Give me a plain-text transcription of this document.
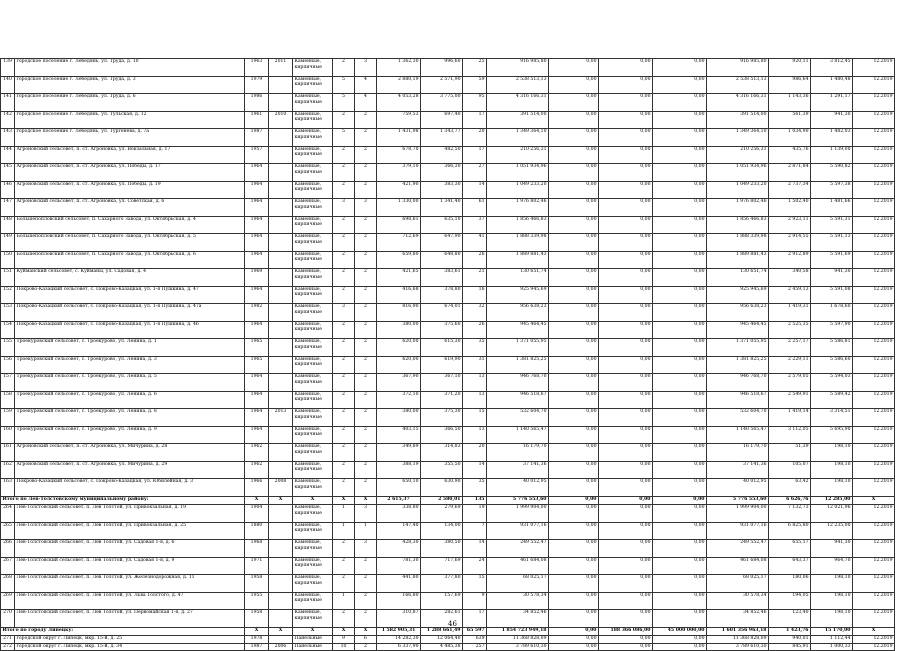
139	городское поселение г. Лебедянь, ул. Труда, д. 10	1963	2011	Каменные, кирпичные	2	3	1 362,30	996,60	25	916 985,80	0,00	0,00	0,00	916 985,80	920,11	3 812,45	12.2019
140	городское поселение г. Лебедянь, ул. Труда, д. 3	1979		Каменные, кирпичные	5	4	2 880,19	2 571,90	59	2 538 513,13	0,00	0,00	0,00	2 538 513,13	986,64	1 480,48	12.2019
141	городское поселение г. Лебедянь, ул. Труда, д. 6	1986		Каменные, кирпичные	5	4	4 053,28	3 775,00	95	4 316 166,31	0,00	0,00	0,00	4 316 166,31	1 143,36	1 291,17	12.2019
142	городское поселение г. Лебедянь, ул. Тульская, д. 12	1961	2010	Каменные, кирпичные	2	2	759,53	697,40	17	391 514,00	0,00	0,00	0,00	391 514,00	561,39	941,30	12.2019
143	городское поселение г. Лебедянь, ул. Тургенева, д. 7а	1987		Каменные, кирпичные	5	2	1 431,98	1 343,77	20	1 349 364,10	0,00	0,00	0,00	1 349 364,10	1 034,90	1 482,03	12.2019
144	Агроновский сельсовет, п. ст. Агроновка, ул. Вокзальная, д. 17	1957		Каменные, кирпичные	2	2	678,70	482,50	17	210 256,31	0,00	0,00	0,00	210 256,31	435,76	1 139,00	12.2019
145	Агроновский сельсовет, п. ст. Агроновка, ул. Победы, д. 17	1964		Каменные, кирпичные	2	2	379,10	366,30	27	1 051 934,96	0,00	0,00	0,00	1 051 934,96	2 871,84	5 590,82	12.2019
146	Агроновский сельсовет, п. ст. Агроновка, ул. Победы, д. 19	1964		Каменные, кирпичные	2	2	421,90	383,30	14	1 049 233,20	0,00	0,00	0,00	1 049 233,20	2 737,34	5 597,38	12.2019
147	Агроновский сельсовет, п. ст. Агроновка, ул. Советская, д. 6	1964		Каменные, кирпичные	3	3	1 330,00	1 341,40	61	1 976 802,46	0,00	0,00	0,00	1 976 802,46	1 502,40	1 481,66	12.2019
148	Большепопловский сельсовет, п. Сахарного Завода, ул. Октябрьская, д. 4	1964		Каменные, кирпичные	2	2	698,61	635,10	37	1 856 466,83	0,00	0,00	0,00	1 856 466,83	2 923,11	5 591,31	12.2019
149	Большепопловский сельсовет, п. Сахарного Завода, ул. Октябрьская, д. 5	1964		Каменные, кирпичные	2	2	712,69	647,90	41	1 888 339,98	0,00	0,00	0,00	1 888 339,98	2 914,55	5 591,13	12.2019
150	Большепопловский сельсовет, п. Сахарного Завода, ул. Октябрьская, д. 6	1964		Каменные, кирпичные	2	2	659,80	648,80	26	1 889 881,43	0,00	0,00	0,00	1 889 881,43	2 912,89	5 591,69	12.2019
151	Куйманский сельсовет, с. Куйманы, ул. Садовая, д. 4	1969		Каменные, кирпичные	2	2	421,65	383,61	21	130 651,74	0,00	0,00	0,00	130 651,74	340,58	941,30	12.2019
152	Покрово-Казацкий сельсовет, с. Покрово-Казацкая, ул. 1-я Пушкина, д. 47	1964		Каменные, кирпичные	2	2	416,68	378,80	16	925 945,69	0,00	0,00	0,00	925 945,69	2 459,13	5 591,08	12.2019
153	Покрово-Казацкий сельсовет, с. Покрово-Казацкая, ул. 1-я Пушкина, д. 47а	1982		Каменные, кирпичные	3	2	816,90	674,01	32	956 638,23	0,00	0,00	0,00	956 638,23	1 419,31	1 678,60	12.2019
154	Покрово-Казацкий сельсовет, с. Покрово-Казацкая, ул. 1-я Пушкина, д. 46	1964		Каменные, кирпичные	2	2	380,00	375,60	26	945 464,45	0,00	0,00	0,00	945 464,45	2 525,35	5 597,90	12.2019
155	Троекуровский сельсовет, с. Троекурово, ул. Ленина, д. 1	1965		Каменные, кирпичные	2	2	620,00	615,30	35	1 371 055,95	0,00	0,00	0,00	1 371 055,95	2 257,17	5 586,81	12.2019
156	Троекуровский сельсовет, с. Троекурово, ул. Ленина, д. 3	1965		Каменные, кирпичные	2	2	620,00	619,90	31	1 381 825,25	0,00	0,00	0,00	1 381 825,25	2 229,11	5 586,60	12.2019
157	Троекуровский сельсовет, с. Троекурово, ул. Ленина, д. 5	1964		Каменные, кирпичные	2	2	367,90	367,10	13	946 768,70	0,00	0,00	0,00	946 768,70	2 579,05	5 594,03	12.2019
158	Троекуровский сельсовет, с. Троекурово, ул. Ленина, д. 6	1964		Каменные, кирпичные	2	2	372,10	371,20	13	946 518,67	0,00	0,00	0,00	946 518,67	2 549,91	5 589,42	12.2019
159	Троекуровский сельсовет, с. Троекурово, ул. Ленина, д. 8	1964	2013	Каменные, кирпичные	2	2	380,00	375,30	15	532 604,70	0,00	0,00	0,00	532 604,70	1 419,14	3 314,51	12.2019
160	Троекуровский сельсовет, с. Троекурово, ул. Ленина, д. 9	1964		Каменные, кирпичные	2	2	403,15	366,50	13	1 140 565,47	0,00	0,00	0,00	1 140 565,47	3 112,05	5 695,90	12.2019
161	Агроновский сельсовет, п. ст. Агроновка, ул. Мичурина, д. 28	1962		Каменные, кирпичные	2	2	349,89	314,83	20	16 179,70	0,00	0,00	0,00	16 179,70	51,39	198,10	12.2019
162	Агроновский сельсовет, п. ст. Агроновка, ул. Мичурина, д. 29	1962		Каменные, кирпичные	2	2	388,19	355,50	14	37 141,36	0,00	0,00	0,00	37 141,36	105,07	198,10	12.2019
163	Покрово-Казацкий сельсовет, с. Покрово-Казацкая, ул. Юбилейная, д. 3	1966	2008	Каменные, кирпичные	2	2	650,10	630,90	35	40 012,95	0,00	0,00	0,00	40 012,95	63,42	198,10	12.2019
Итого по Лев-Толстовскому муниципальному району:		X	X	X	X	X	2 615,37	2 580,01	135	5 776 553,60	0,00	0,00	0,00	5 776 553,60	6 626,76	12 285,00	X
264	Лев-Толстовский сельсовет, п. Лев Толстой, ул. Привокзальная, д. 19	1904		Каменные, кирпичные	1	3	338,80	279,69	19	1 999 904,00	0,00	0,00	0,00	1 999 904,00	7 132,73	12 021,96	12.2019
265	Лев-Толстовский сельсовет, п. Лев Толстой, ул. Привокзальная, д. 25	1880		Каменные, кирпичные	1	1	147,40	134,00	7	931 077,16	0,00	0,00	0,00	931 077,16	6 825,80	12 235,00	12.2019
266	Лев-Толстовский сельсовет, п. Лев Толстой, ул. Садовая 1-я, д. 6	1968		Каменные, кирпичные	2	3	428,30	380,50	14	249 552,47	0,00	0,00	0,00	249 552,47	655,17	941,30	12.2019
267	Лев-Толстовский сельсовет, п. Лев Толстой, ул. Садовая 1-я, д. 9	1971		Каменные, кирпичные	2	2	781,30	717,69	24	461 684,08	0,00	0,00	0,00	461 684,08	643,37	964,70	12.2019
268	Лев-Толстовский сельсовет, п. Лев Толстой, ул. Железнодорожная, д. 11	1958		Каменные, кирпичные	2	2	441,80	377,80	15	68 025,17	0,00	0,00	0,00	68 025,17	180,06	198,10	12.2019
269	Лев-Толстовский сельсовет, п. Лев Толстой, ул. Льва Толстого, д. 47	1955		Каменные, кирпичные	1	2	166,80	157,69	9	30 578,34	0,00	0,00	0,00	30 578,34	194,05	198,10	12.2019
270	Лев-Толстовский сельсовет, п. Лев Толстой, ул. Первомайская 1-я, д. 27	1958		Каменные, кирпичные	2	2	310,87	282,61	17	34 852,46	0,00	0,00	0,00	34 852,46	123,40	198,10	12.2019
Итого по городу Липецку:		X	X	X	X	X	1 582 905,31	1 288 661,49	65 597	1 854 723 949,18	0,00	188 366 086,00	45 000 000,00	1 601 356 963,18	1 423,76	15 170,00	X
271	городской округ г. Липецк, мкр. 15-й, д. 25	1978		Панельные	9	6	14 282,30	12 064,40	639	11 368 828,09	0,00	0,00	0,00	11 368 828,09	940,01	1 112,44	12.2019
272	городской округ г. Липецк, мкр. 15-й, д. 34	1987	2006	Панельные	10	2	6 337,90	4 485,38	257	3 789 610,30	0,00	0,00	0,00	3 789 610,30	845,91	1 000,33	12.2019
46
